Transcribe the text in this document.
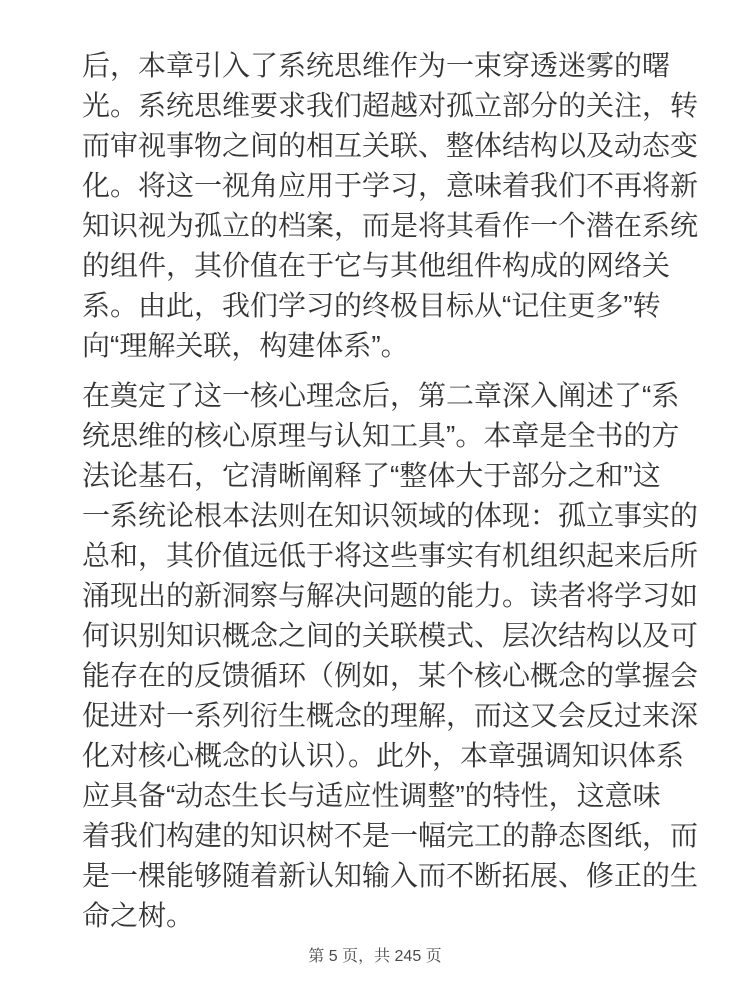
后，本章引入了系统思维作为一束穿透迷雾的曙
光。系统思维要求我们超越对孤立部分的关注，转
而审视事物之间的相互关联、整体结构以及动态变
化。将这一视角应用于学习，意味着我们不再将新
知识视为孤立的档案，而是将其看作一个潜在系统
的组件，其价值在于它与其他组件构成的网络关
系。由此，我们学习的终极目标从“记住更多”转
向“理解关联，构建体系”。
在奠定了这一核心理念后，第二章深入阐述了“系
统思维的核心原理与认知工具”。本章是全书的方
法论基石，它清晰阐释了“整体大于部分之和”这
一系统论根本法则在知识领域的体现：孤立事实的
总和，其价值远低于将这些事实有机组织起来后所
涌现出的新洞察与解决问题的能力。读者将学习如
何识别知识概念之间的关联模式、层次结构以及可
能存在的反馈循环（例如，某个核心概念的掌握会
促进对一系列衍生概念的理解，而这又会反过来深
化对核心概念的认识）。此外，本章强调知识体系
应具备“动态生长与适应性调整”的特性，这意味
着我们构建的知识树不是一幅完工的静态图纸，而
是一棵能够随着新认知输入而不断拓展、修正的生
命之树。
第 5 页，共 245 页
